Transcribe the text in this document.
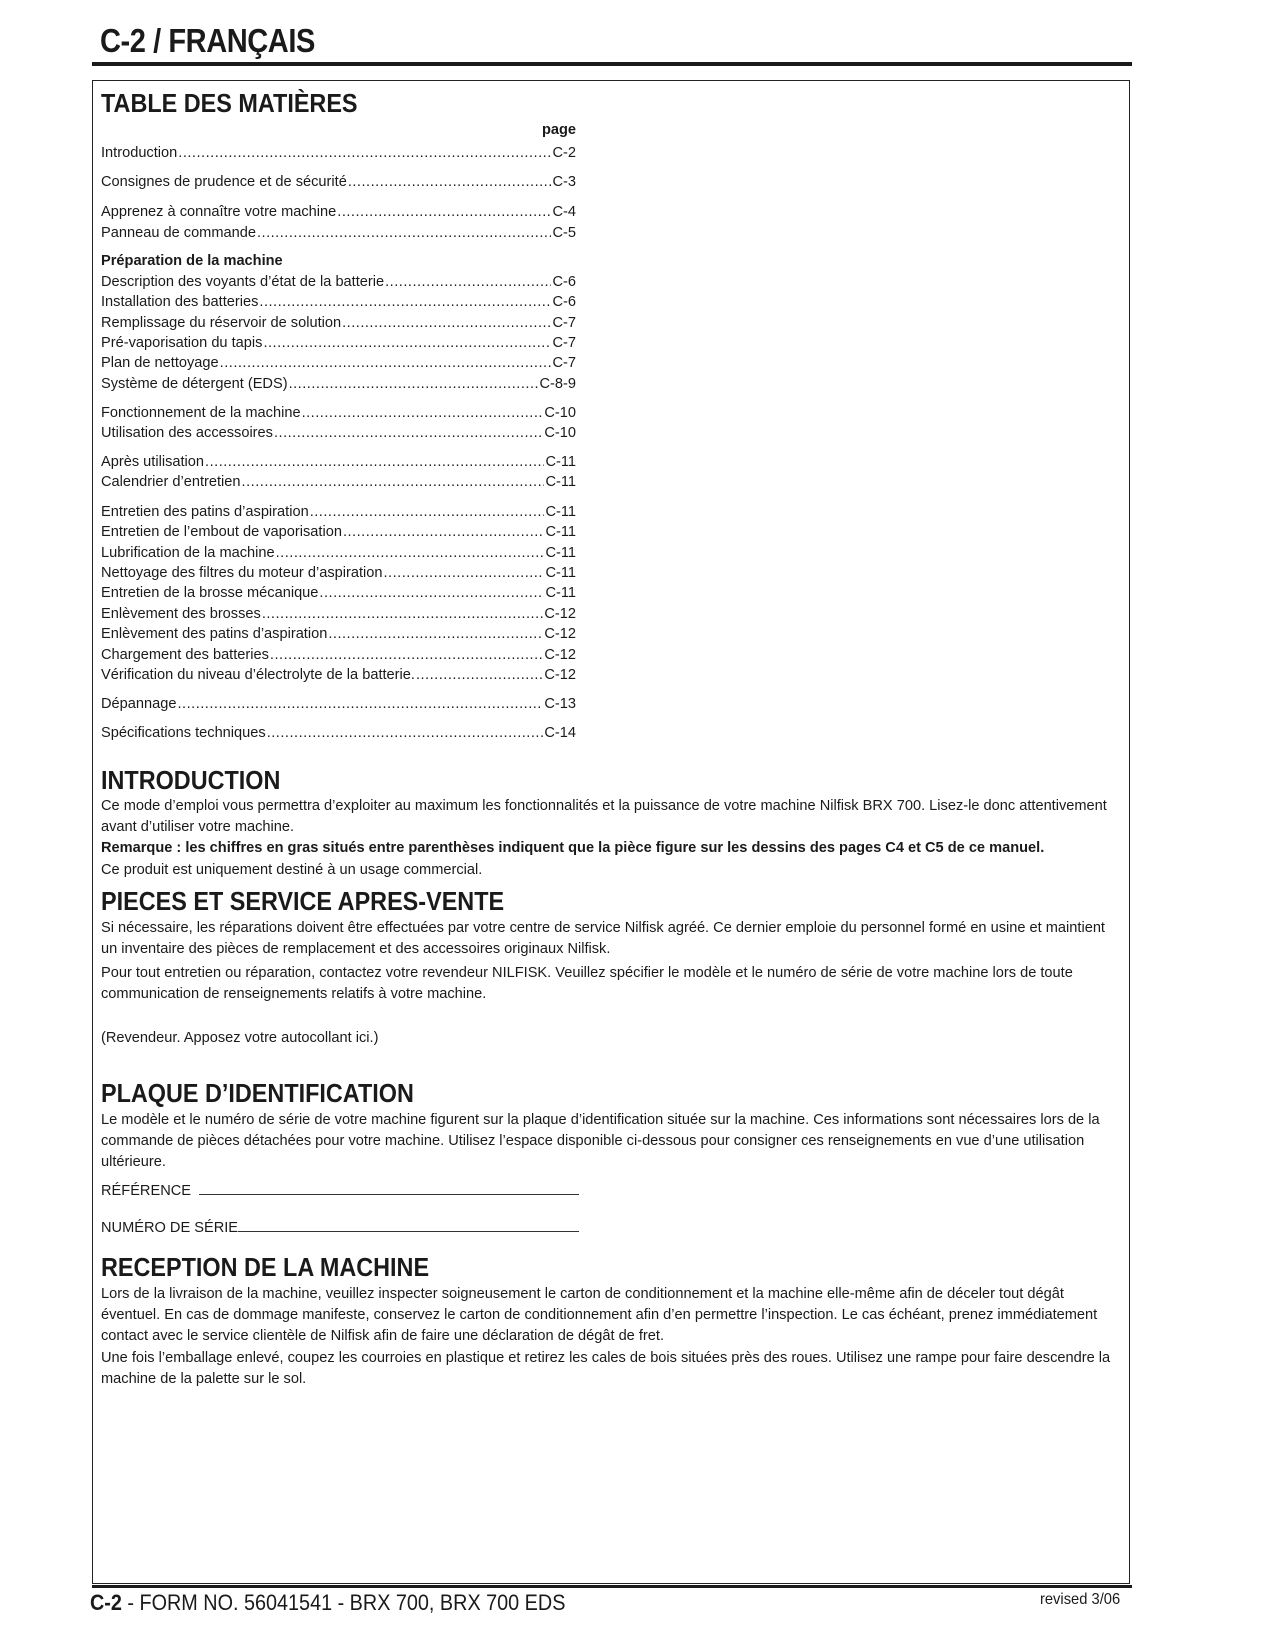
C-2 / FRANÇAIS
TABLE DES MATIÈRES
page
Introduction .....	C-2
Consignes de prudence et de sécurité .....	C-3
Apprenez à connaître votre machine .....	C-4
Panneau de commande .....	C-5
Préparation de la machine
Description des voyants d’état de la batterie .....	C-6
Installation des batteries .....	C-6
Remplissage du réservoir de solution .....	C-7
Pré-vaporisation du tapis .....	C-7
Plan de nettoyage .....	C-7
Système de détergent (EDS) .....	C-8-9
Fonctionnement de la machine .....	C-10
Utilisation des accessoires .....	C-10
Après utilisation .....	C-11
Calendrier d’entretien .....	C-11
Entretien des patins d’aspiration .....	C-11
Entretien de l’embout de vaporisation .....	C-11
Lubrification de la machine .....	C-11
Nettoyage des filtres du moteur d’aspiration .....	C-11
Entretien de la brosse mécanique .....	C-11
Enlèvement des brosses .....	C-12
Enlèvement des patins d’aspiration .....	C-12
Chargement des batteries .....	C-12
Vérification du niveau d’électrolyte de la batterie. .....	C-12
Dépannage .....	C-13
Spécifications techniques .....	C-14
INTRODUCTION

Ce mode d’emploi vous permettra d’exploiter au maximum les fonctionnalités et la puissance de votre machine Nilfisk BRX 700. Lisez-le donc attentivement avant d’utiliser votre machine.

Remarque : les chiffres en gras situés entre parenthèses indiquent que la pièce figure sur les dessins des pages C4 et C5 de ce manuel.

Ce produit est uniquement destiné à un usage commercial.

PIECES ET SERVICE APRES-VENTE
Si nécessaire, les réparations doivent être effectuées par votre centre de service Nilfisk agréé. Ce dernier emploie du personnel formé en usine et maintient un inventaire des pièces de remplacement et des accessoires originaux Nilfisk.
Pour tout entretien ou réparation, contactez votre revendeur NILFISK. Veuillez spécifier le modèle et le numéro de série de votre machine lors de toute communication de renseignements relatifs à votre machine.
(Revendeur. Apposez votre autocollant ici.)
PLAQUE D’IDENTIFICATION
Le modèle et le numéro de série de votre machine figurent sur la plaque d’identification située sur la machine. Ces informations sont nécessaires lors de la commande de pièces détachées pour votre machine. Utilisez l’espace disponible ci-dessous pour consigner ces renseignements en vue d’une utilisation ultérieure.
RÉFÉRENCE
NUMÉRO DE SÉRIE
RECEPTION DE LA MACHINE

Lors de la livraison de la machine, veuillez inspecter soigneusement le carton de conditionnement et la machine elle-même afin de déceler tout dégât éventuel. En cas de dommage manifeste, conservez le carton de conditionnement afin d’en permettre l’inspection. Le cas échéant, prenez immédiatement contact avec le service clientèle de Nilfisk afin de faire une déclaration de dégât de fret.

Une fois l’emballage enlevé, coupez les courroies en plastique et retirez les cales de bois situées près des roues. Utilisez une rampe pour faire descendre la machine de la palette sur le sol.

C-2 - FORM NO. 56041541 - BRX 700, BRX 700 EDS	revised 3/06
